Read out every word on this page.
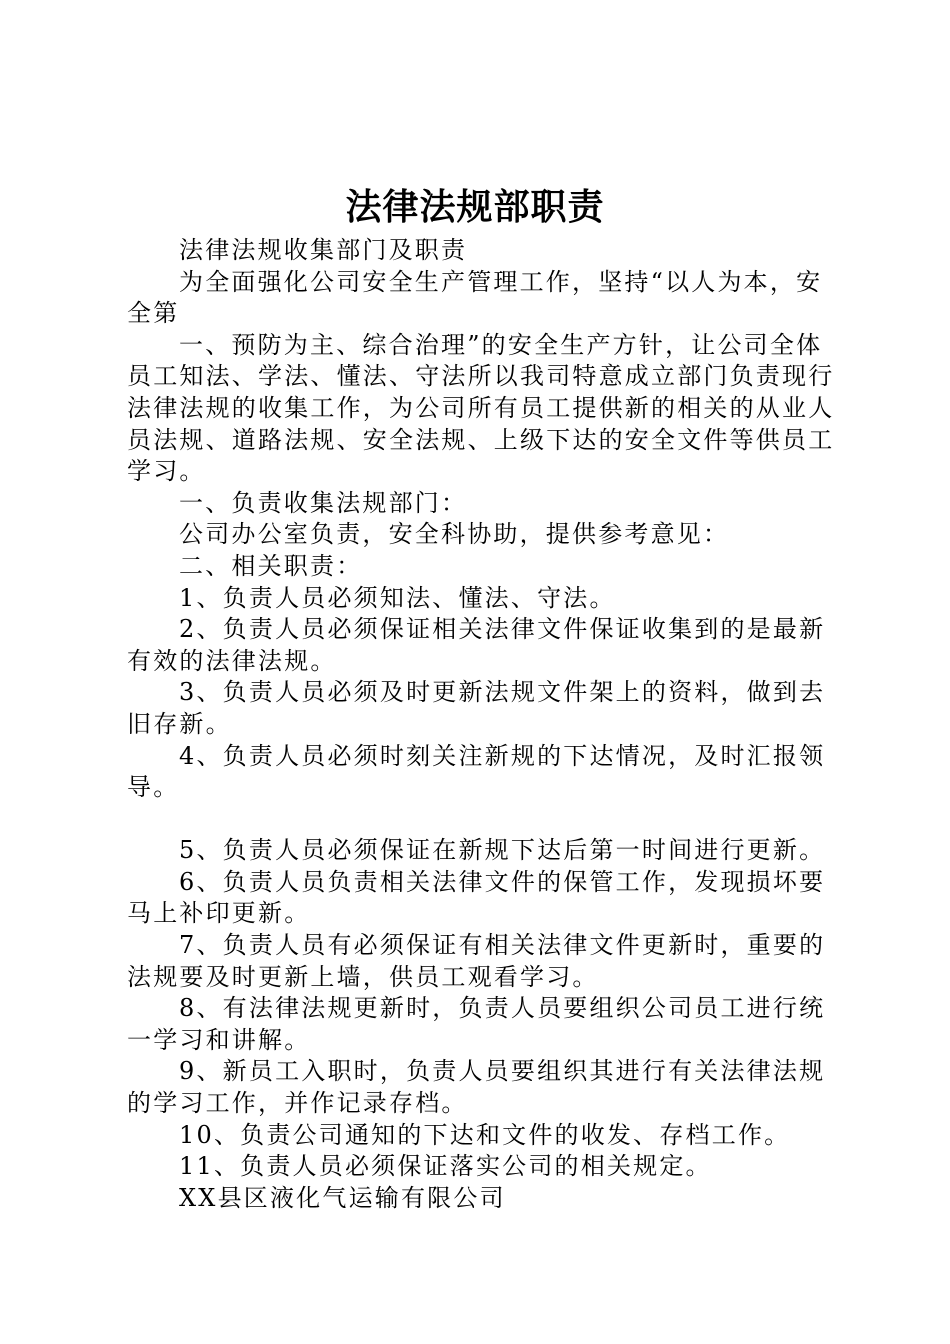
法律法规部职责

法律法规收集部门及职责

为全面强化公司安全生产管理工作，坚持“以人为本，安全第

一、预防为主、综合治理”的安全生产方针，让公司全体员工知法、学法、懂法、守法所以我司特意成立部门负责现行法律法规的收集工作，为公司所有员工提供新的相关的从业人员法规、道路法规、安全法规、上级下达的安全文件等供员工学习。

一、负责收集法规部门：

公司办公室负责，安全科协助，提供参考意见：

二、相关职责：

1、负责人员必须知法、懂法、守法。

2、负责人员必须保证相关法律文件保证收集到的是最新有效的法律法规。

3、负责人员必须及时更新法规文件架上的资料，做到去旧存新。

4、负责人员必须时刻关注新规的下达情况，及时汇报领导。

5、负责人员必须保证在新规下达后第一时间进行更新。

6、负责人员负责相关法律文件的保管工作，发现损坏要马上补印更新。

7、负责人员有必须保证有相关法律文件更新时，重要的法规要及时更新上墙，供员工观看学习。

8、有法律法规更新时，负责人员要组织公司员工进行统一学习和讲解。

9、新员工入职时，负责人员要组织其进行有关法律法规的学习工作，并作记录存档。

10、负责公司通知的下达和文件的收发、存档工作。

11、负责人员必须保证落实公司的相关规定。

XX县区液化气运输有限公司
